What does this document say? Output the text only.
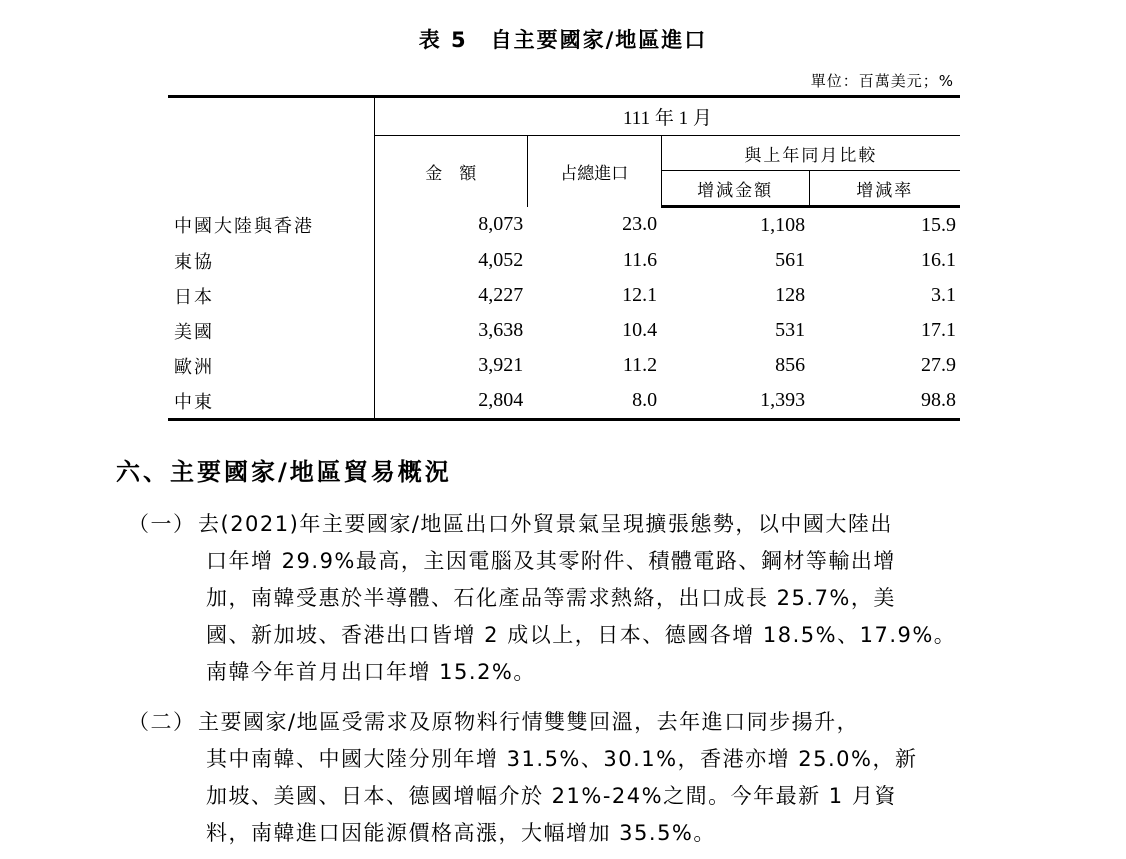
表 5　自主要國家/地區進口
單位：百萬美元；%
	111 年 1 月			
	金　額	占總進口	與上年同月比較	
			增減金額	增減率
中國大陸與香港	8,073	23.0	1,108	15.9
東協	4,052	11.6	561	16.1
日本	4,227	12.1	128	3.1
美國	3,638	10.4	531	17.1
歐洲	3,921	11.2	856	27.9
中東	2,804	8.0	1,393	98.8
六、主要國家/地區貿易概況
（一） 去(2021)年主要國家/地區出口外貿景氣呈現擴張態勢，以中國大陸出
口年增 29.9%最高，主因電腦及其零附件、積體電路、鋼材等輸出增
加，南韓受惠於半導體、石化產品等需求熱絡，出口成長 25.7%，美
國、新加坡、香港出口皆增 2 成以上，日本、德國各增 18.5%、17.9%。
南韓今年首月出口年增 15.2%。
（二） 主要國家/地區受需求及原物料行情雙雙回溫，去年進口同步揚升，
其中南韓、中國大陸分別年增 31.5%、30.1%，香港亦增 25.0%，新
加坡、美國、日本、德國增幅介於 21%-24%之間。今年最新 1 月資
料，南韓進口因能源價格高漲，大幅增加 35.5%。
